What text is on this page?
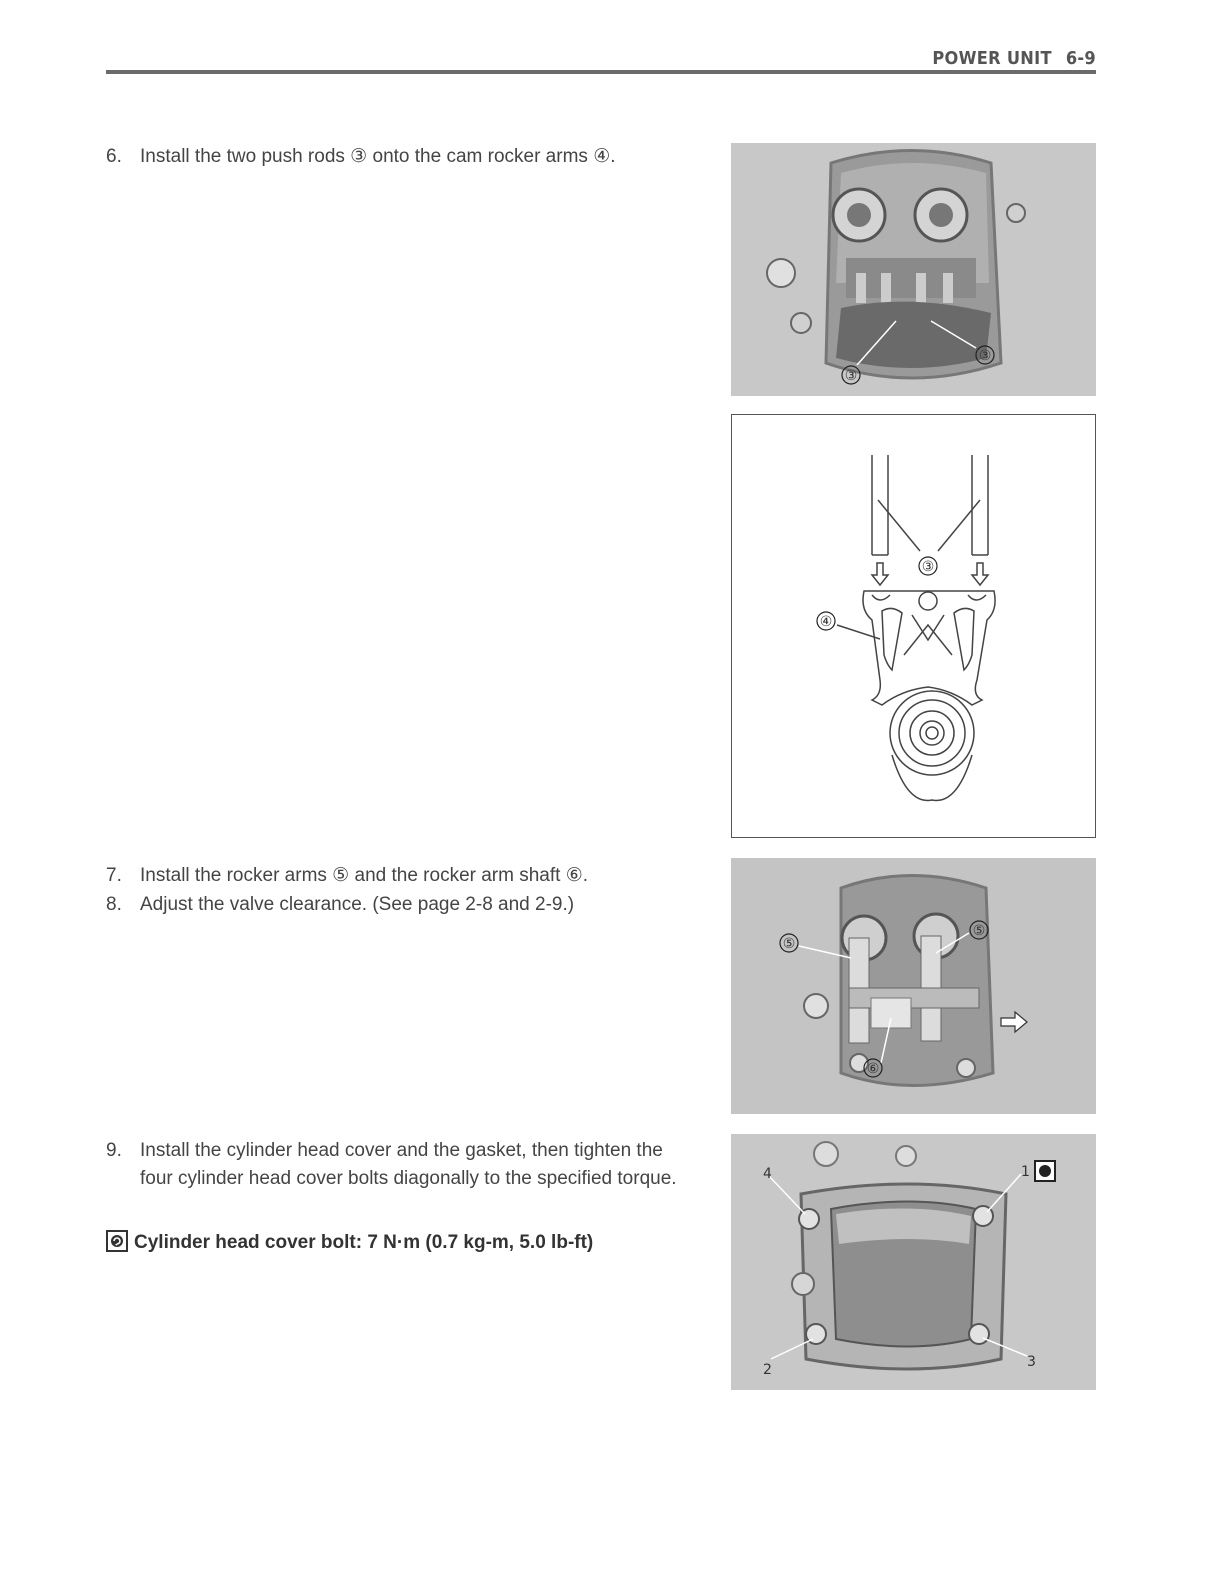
POWER UNIT 6-9
6. Install the two push rods ③ onto the cam rocker arms ④.
7. Install the rocker arms ⑤ and the rocker arm shaft ⑥.
8. Adjust the valve clearance. (See page 2-8 and 2-9.)
9. Install the cylinder head cover and the gasket, then tighten the four cylinder head cover bolts diagonally to the specified torque.
Cylinder head cover bolt: 7 N·m (0.7 kg-m, 5.0 lb-ft)
③
③
③
④
⑤
⑤
⑥
4	1
2	3
